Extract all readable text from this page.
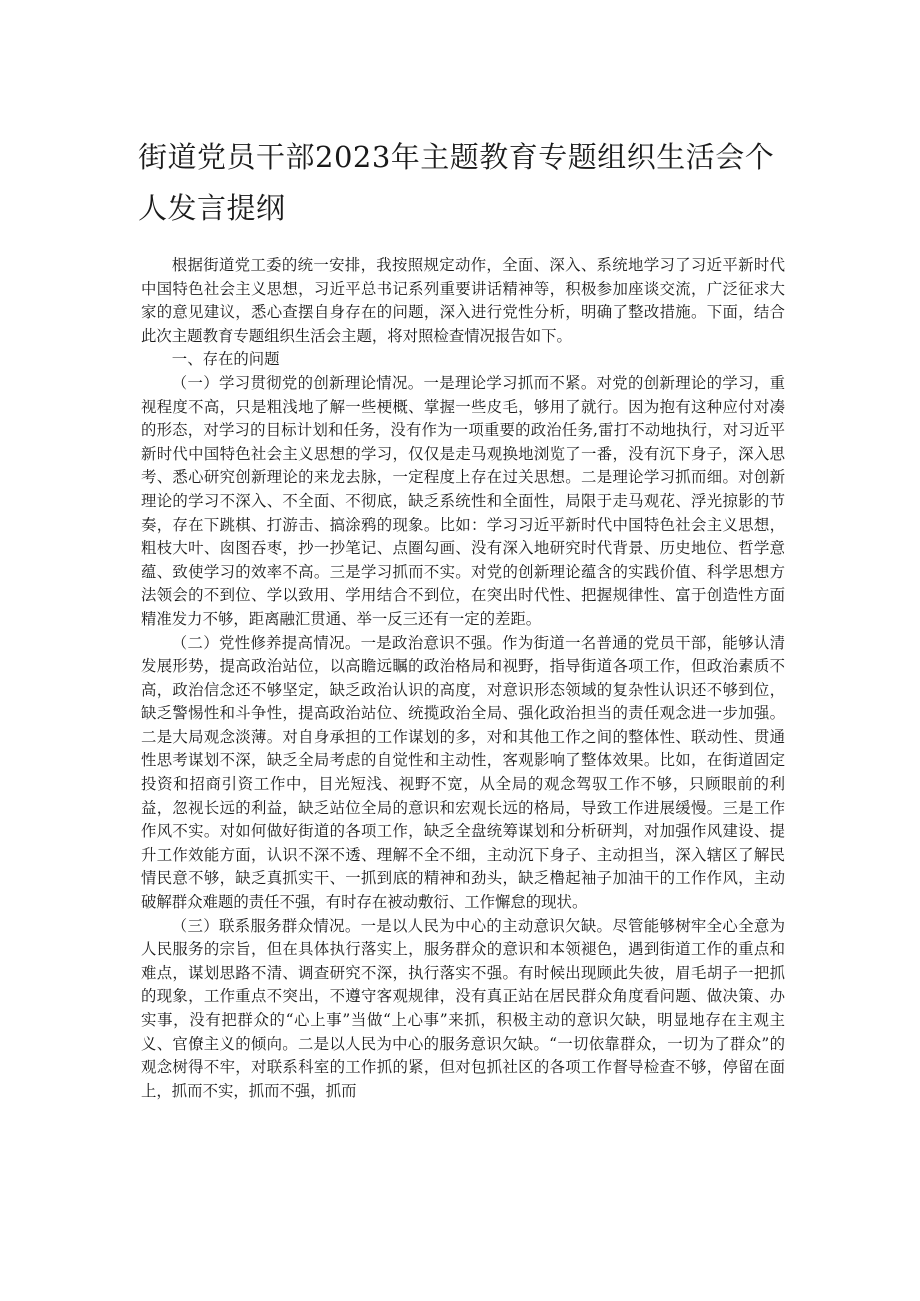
街道党员干部2023年主题教育专题组织生活会个人发言提纲

根据街道党工委的统一安排，我按照规定动作，全面、深入、系统地学习了习近平新时代中国特色社会主义思想，习近平总书记系列重要讲话精神等，积极参加座谈交流，广泛征求大家的意见建议，悉心查摆自身存在的问题，深入进行党性分析，明确了整改措施。下面，结合此次主题教育专题组织生活会主题，将对照检查情况报告如下。

一、存在的问题

（一）学习贯彻党的创新理论情况。一是理论学习抓而不紧。对党的创新理论的学习，重视程度不高，只是粗浅地了解一些梗概、掌握一些皮毛，够用了就行。因为抱有这种应付对凑的形态，对学习的目标计划和任务，没有作为一项重要的政治任务,雷打不动地执行，对习近平新时代中国特色社会主义思想的学习，仅仅是走马观换地浏览了一番，没有沉下身子，深入思考、悉心研究创新理论的来龙去脉，一定程度上存在过关思想。二是理论学习抓而细。对创新理论的学习不深入、不全面、不彻底，缺乏系统性和全面性，局限于走马观花、浮光掠影的节奏，存在下跳棋、打游击、搞涂鸦的现象。比如：学习习近平新时代中国特色社会主义思想，粗枝大叶、囱图吞枣，抄一抄笔记、点圈勾画、没有深入地研究时代背景、历史地位、哲学意蕴、致使学习的效率不高。三是学习抓而不实。对党的创新理论蕴含的实践价值、科学思想方法领会的不到位、学以致用、学用结合不到位，在突出时代性、把握规律性、富于创造性方面精准发力不够，距离融汇贯通、举一反三还有一定的差距。

（二）党性修养提高情况。一是政治意识不强。作为街道一名普通的党员干部，能够认清发展形势，提高政治站位，以高瞻远瞩的政治格局和视野，指导街道各项工作，但政治素质不高，政治信念还不够坚定，缺乏政治认识的高度，对意识形态领域的复杂性认识还不够到位，缺乏警惕性和斗争性，提高政治站位、统揽政治全局、强化政治担当的责任观念进一步加强。二是大局观念淡薄。对自身承担的工作谋划的多，对和其他工作之间的整体性、联动性、贯通性思考谋划不深，缺乏全局考虑的自觉性和主动性，客观影响了整体效果。比如，在街道固定投资和招商引资工作中，目光短浅、视野不宽，从全局的观念驾驭工作不够，只顾眼前的利益，忽视长远的利益，缺乏站位全局的意识和宏观长远的格局，导致工作进展缓慢。三是工作作风不实。对如何做好街道的各项工作，缺乏全盘统筹谋划和分析研判，对加强作风建设、提升工作效能方面，认识不深不透、理解不全不细，主动沉下身子、主动担当，深入辖区了解民情民意不够，缺乏真抓实干、一抓到底的精神和劲头，缺乏橹起袖子加油干的工作作风，主动破解群众难题的责任不强，有时存在被动敷衍、工作懈怠的现状。

（三）联系服务群众情况。一是以人民为中心的主动意识欠缺。尽管能够树牢全心全意为人民服务的宗旨，但在具体执行落实上，服务群众的意识和本领褪色，遇到街道工作的重点和难点，谋划思路不清、调查研究不深，执行落实不强。有时候出现顾此失彼，眉毛胡子一把抓的现象，工作重点不突出，不遵守客观规律，没有真正站在居民群众角度看问题、做决策、办实事，没有把群众的“心上事”当做“上心事”来抓，积极主动的意识欠缺，明显地存在主观主义、官僚主义的倾向。二是以人民为中心的服务意识欠缺。“一切依靠群众，一切为了群众”的观念树得不牢，对联系科室的工作抓的紧，但对包抓社区的各项工作督导检查不够，停留在面上，抓而不实，抓而不强，抓而
